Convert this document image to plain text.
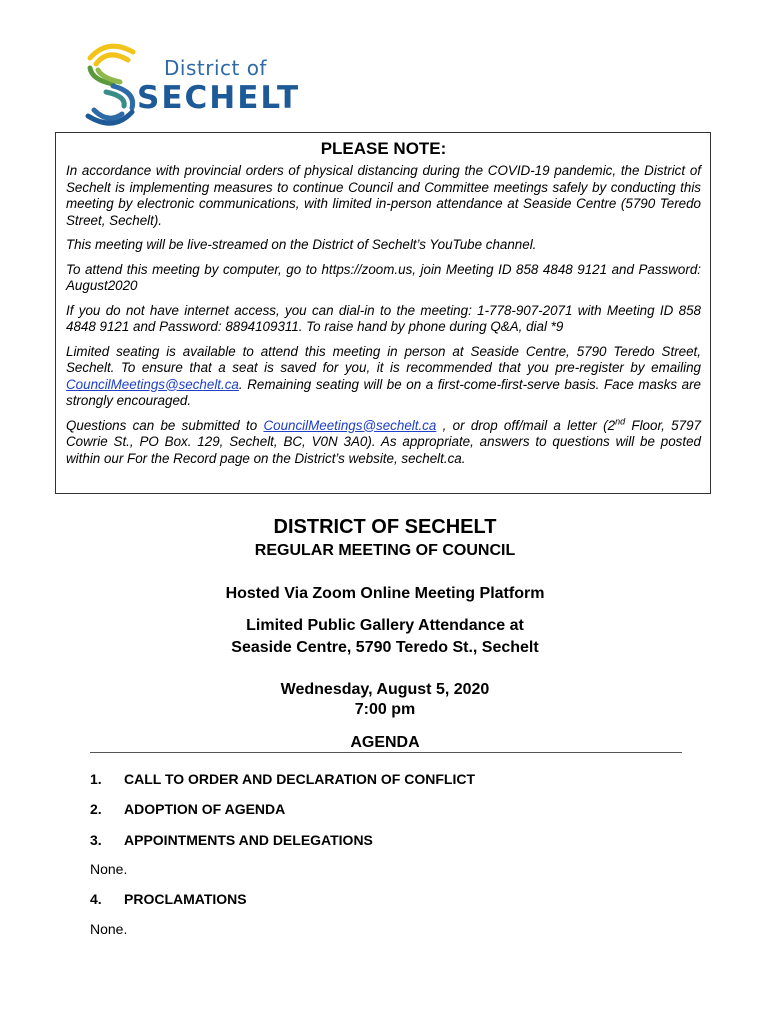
District of
SECHELT
PLEASE NOTE:

In accordance with provincial orders of physical distancing during the COVID-19 pandemic, the District of Sechelt is implementing measures to continue Council and Committee meetings safely by conducting this meeting by electronic communications, with limited in-person attendance at Seaside Centre (5790 Teredo Street, Sechelt).

This meeting will be live-streamed on the District of Sechelt’s YouTube channel.

To attend this meeting by computer, go to https://zoom.us, join Meeting ID 858 4848 9121 and Password: August2020

If you do not have internet access, you can dial-in to the meeting: 1-778-907-2071 with Meeting ID 858 4848 9121 and Password: 8894109311. To raise hand by phone during Q&A, dial *9

Limited seating is available to attend this meeting in person at Seaside Centre, 5790 Teredo Street, Sechelt. To ensure that a seat is saved for you, it is recommended that you pre-register by emailing CouncilMeetings@sechelt.ca. Remaining seating will be on a first-come-first-serve basis. Face masks are strongly encouraged.

Questions can be submitted to CouncilMeetings@sechelt.ca , or drop off/mail a letter (2nd Floor, 5797 Cowrie St., PO Box. 129, Sechelt, BC, V0N 3A0). As appropriate, answers to questions will be posted within our For the Record page on the District’s website, sechelt.ca.

DISTRICT OF SECHELT
REGULAR MEETING OF COUNCIL
Hosted Via Zoom Online Meeting Platform
Limited Public Gallery Attendance at
Seaside Centre, 5790 Teredo St., Sechelt
Wednesday, August 5, 2020
7:00 pm
AGENDA
1. CALL TO ORDER AND DECLARATION OF CONFLICT
2. ADOPTION OF AGENDA
3. APPOINTMENTS AND DELEGATIONS
None.
4. PROCLAMATIONS
None.
